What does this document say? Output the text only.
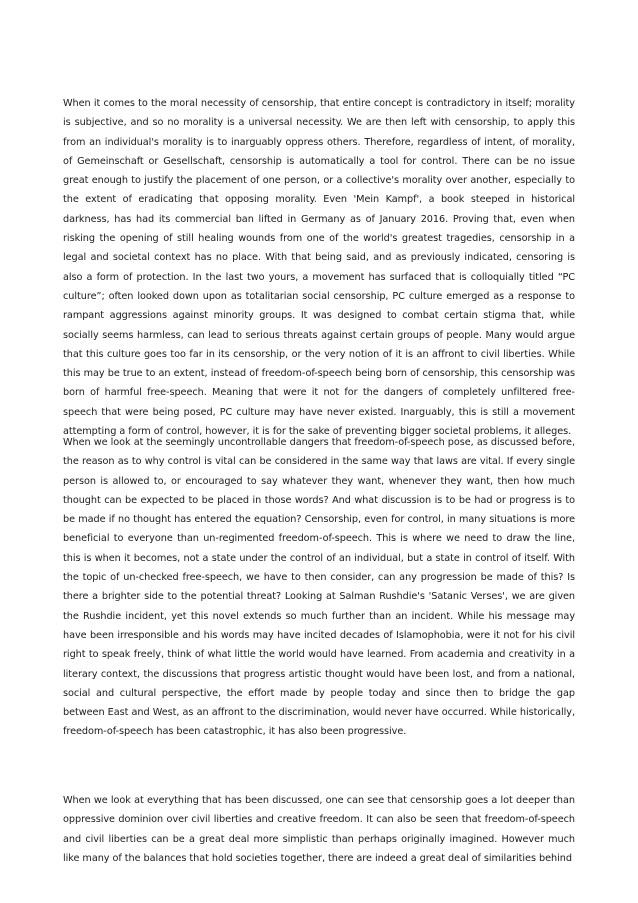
When it comes to the moral necessity of censorship, that entire concept is contradictory in itself; morality is subjective, and so no morality is a universal necessity. We are then left with censorship, to apply this from an individual's morality is to inarguably oppress others. Therefore, regardless of intent, of morality, of Gemeinschaft or Gesellschaft, censorship is automatically a tool for control. There can be no issue great enough to justify the placement of one person, or a collective's morality over another, especially to the extent of eradicating that opposing morality. Even 'Mein Kampf', a book steeped in historical darkness, has had its commercial ban lifted in Germany as of January 2016. Proving that, even when risking the opening of still healing wounds from one of the world's greatest tragedies, censorship in a legal and societal context has no place. With that being said, and as previously indicated, censoring is also a form of protection. In the last two yours, a movement has surfaced that is colloquially titled “PC culture”; often looked down upon as totalitarian social censorship, PC culture emerged as a response to rampant aggressions against minority groups. It was designed to combat certain stigma that, while socially seems harmless, can lead to serious threats against certain groups of people. Many would argue that this culture goes too far in its censorship, or the very notion of it is an affront to civil liberties. While this may be true to an extent, instead of freedom-of-speech being born of censorship, this censorship was born of harmful free-speech. Meaning that were it not for the dangers of completely unfiltered free-speech that were being posed, PC culture may have never existed. Inarguably, this is still a movement attempting a form of control, however, it is for the sake of preventing bigger societal problems, it alleges.

When we look at the seemingly uncontrollable dangers that freedom-of-speech pose, as discussed before, the reason as to why control is vital can be considered in the same way that laws are vital. If every single person is allowed to, or encouraged to say whatever they want, whenever they want, then how much thought can be expected to be placed in those words? And what discussion is to be had or progress is to be made if no thought has entered the equation? Censorship, even for control, in many situations is more beneficial to everyone than un-regimented freedom-of-speech. This is where we need to draw the line, this is when it becomes, not a state under the control of an individual, but a state in control of itself. With the topic of un-checked free-speech, we have to then consider, can any progression be made of this? Is there a brighter side to the potential threat? Looking at Salman Rushdie's 'Satanic Verses', we are given the Rushdie incident, yet this novel extends so much further than an incident. While his message may have been irresponsible and his words may have incited decades of Islamophobia, were it not for his civil right to speak freely, think of what little the world would have learned. From academia and creativity in a literary context, the discussions that progress artistic thought would have been lost, and from a national, social and cultural perspective, the effort made by people today and since then to bridge the gap between East and West, as an affront to the discrimination, would never have occurred. While historically, freedom-of-speech has been catastrophic, it has also been progressive.

When we look at everything that has been discussed, one can see that censorship goes a lot deeper than oppressive dominion over civil liberties and creative freedom. It can also be seen that freedom-of-speech and civil liberties can be a great deal more simplistic than perhaps originally imagined. However much like many of the balances that hold societies together, there are indeed a great deal of similarities behind
